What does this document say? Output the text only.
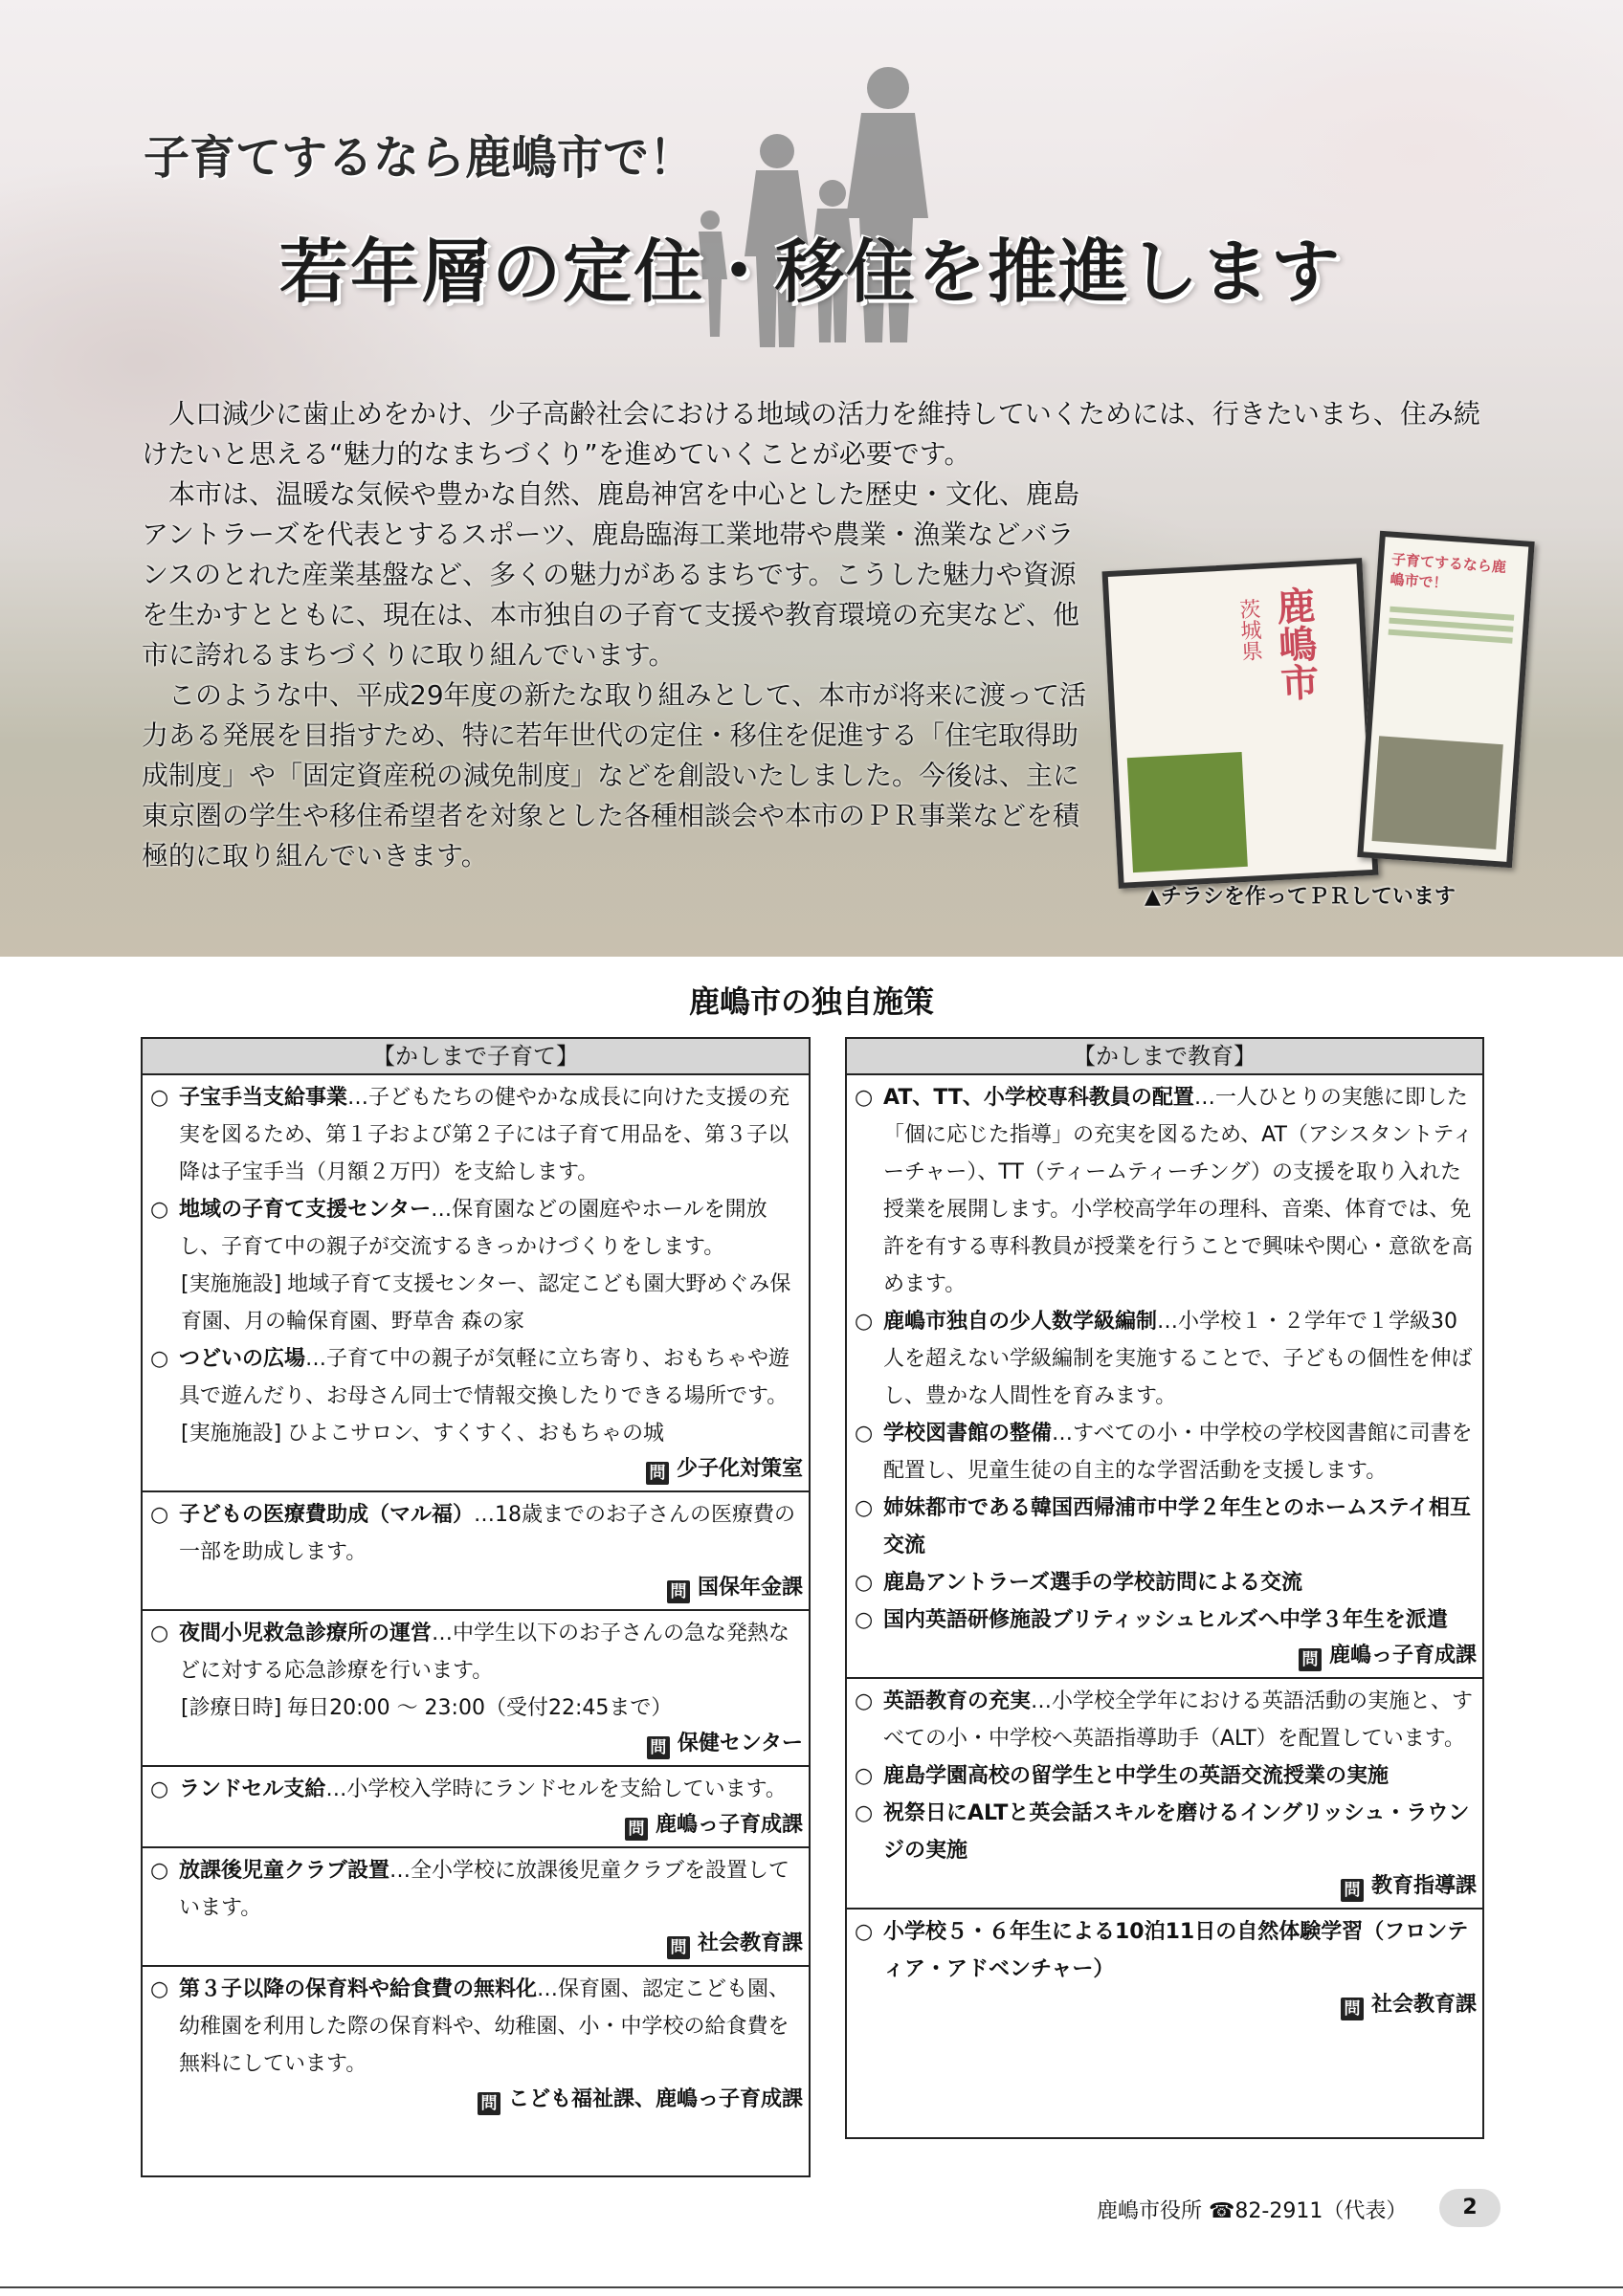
子育てするなら鹿嶋市で！
若年層の定住・移住を推進します

人口減少に歯止めをかけ、少子高齢社会における地域の活力を維持していくためには、行きたいまち、住み続けたいと思える“魅力的なまちづくり”を進めていくことが必要です。

本市は、温暖な気候や豊かな自然、鹿島神宮を中心とした歴史・文化、鹿島アントラーズを代表とするスポーツ、鹿島臨海工業地帯や農業・漁業などバランスのとれた産業基盤など、多くの魅力があるまちです。こうした魅力や資源を生かすとともに、現在は、本市独自の子育て支援や教育環境の充実など、他市に誇れるまちづくりに取り組んでいます。

このような中、平成29年度の新たな取り組みとして、本市が将来に渡って活力ある発展を目指すため、特に若年世代の定住・移住を促進する「住宅取得助成制度」や「固定資産税の減免制度」などを創設いたしました。今後は、主に東京圏の学生や移住希望者を対象とした各種相談会や本市のＰＲ事業などを積極的に取り組んでいきます。

茨城県 鹿嶋市
子育てするなら鹿嶋市で！
▲チラシを作ってＰＲしています
鹿嶋市の独自施策
【かしまで子育て】
○ 子宝手当支給事業…子どもたちの健やかな成長に向けた支援の充実を図るため、第１子および第２子には子育て用品を、第３子以降は子宝手当（月額２万円）を支給します。
○ 地域の子育て支援センター…保育園などの園庭やホールを開放し、子育て中の親子が交流するきっかけづくりをします。
[実施施設] 地域子育て支援センター、認定こども園大野めぐみ保育園、月の輪保育園、野草舎 森の家
○ つどいの広場…子育て中の親子が気軽に立ち寄り、おもちゃや遊具で遊んだり、お母さん同士で情報交換したりできる場所です。
[実施施設] ひよこサロン、すくすく、おもちゃの城
問 少子化対策室
○ 子どもの医療費助成（マル福）…18歳までのお子さんの医療費の一部を助成します。
問 国保年金課
○ 夜間小児救急診療所の運営…中学生以下のお子さんの急な発熱などに対する応急診療を行います。
[診療日時] 毎日20:00 ～ 23:00（受付22:45まで）
問 保健センター
○ ランドセル支給…小学校入学時にランドセルを支給しています。
問 鹿嶋っ子育成課
○ 放課後児童クラブ設置…全小学校に放課後児童クラブを設置しています。
問 社会教育課
○ 第３子以降の保育料や給食費の無料化…保育園、認定こども園、幼稚園を利用した際の保育料や、幼稚園、小・中学校の給食費を無料にしています。
問 こども福祉課、鹿嶋っ子育成課
【かしまで教育】
○ AT、TT、小学校専科教員の配置…一人ひとりの実態に即した「個に応じた指導」の充実を図るため、AT（アシスタントティーチャー）、TT（ティームティーチング）の支援を取り入れた授業を展開します。小学校高学年の理科、音楽、体育では、免許を有する専科教員が授業を行うことで興味や関心・意欲を高めます。
○ 鹿嶋市独自の少人数学級編制…小学校１・２学年で１学級30人を超えない学級編制を実施することで、子どもの個性を伸ばし、豊かな人間性を育みます。
○ 学校図書館の整備…すべての小・中学校の学校図書館に司書を配置し、児童生徒の自主的な学習活動を支援します。
○ 姉妹都市である韓国西帰浦市中学２年生とのホームステイ相互交流
○ 鹿島アントラーズ選手の学校訪問による交流
○ 国内英語研修施設ブリティッシュヒルズへ中学３年生を派遣
問 鹿嶋っ子育成課
○ 英語教育の充実…小学校全学年における英語活動の実施と、すべての小・中学校へ英語指導助手（ALT）を配置しています。
○ 鹿島学園高校の留学生と中学生の英語交流授業の実施
○ 祝祭日にALTと英会話スキルを磨けるイングリッシュ・ラウンジの実施
問 教育指導課
○ 小学校５・６年生による10泊11日の自然体験学習（フロンティア・アドベンチャー）
問 社会教育課
鹿嶋市役所 ☎82-2911（代表）	2
